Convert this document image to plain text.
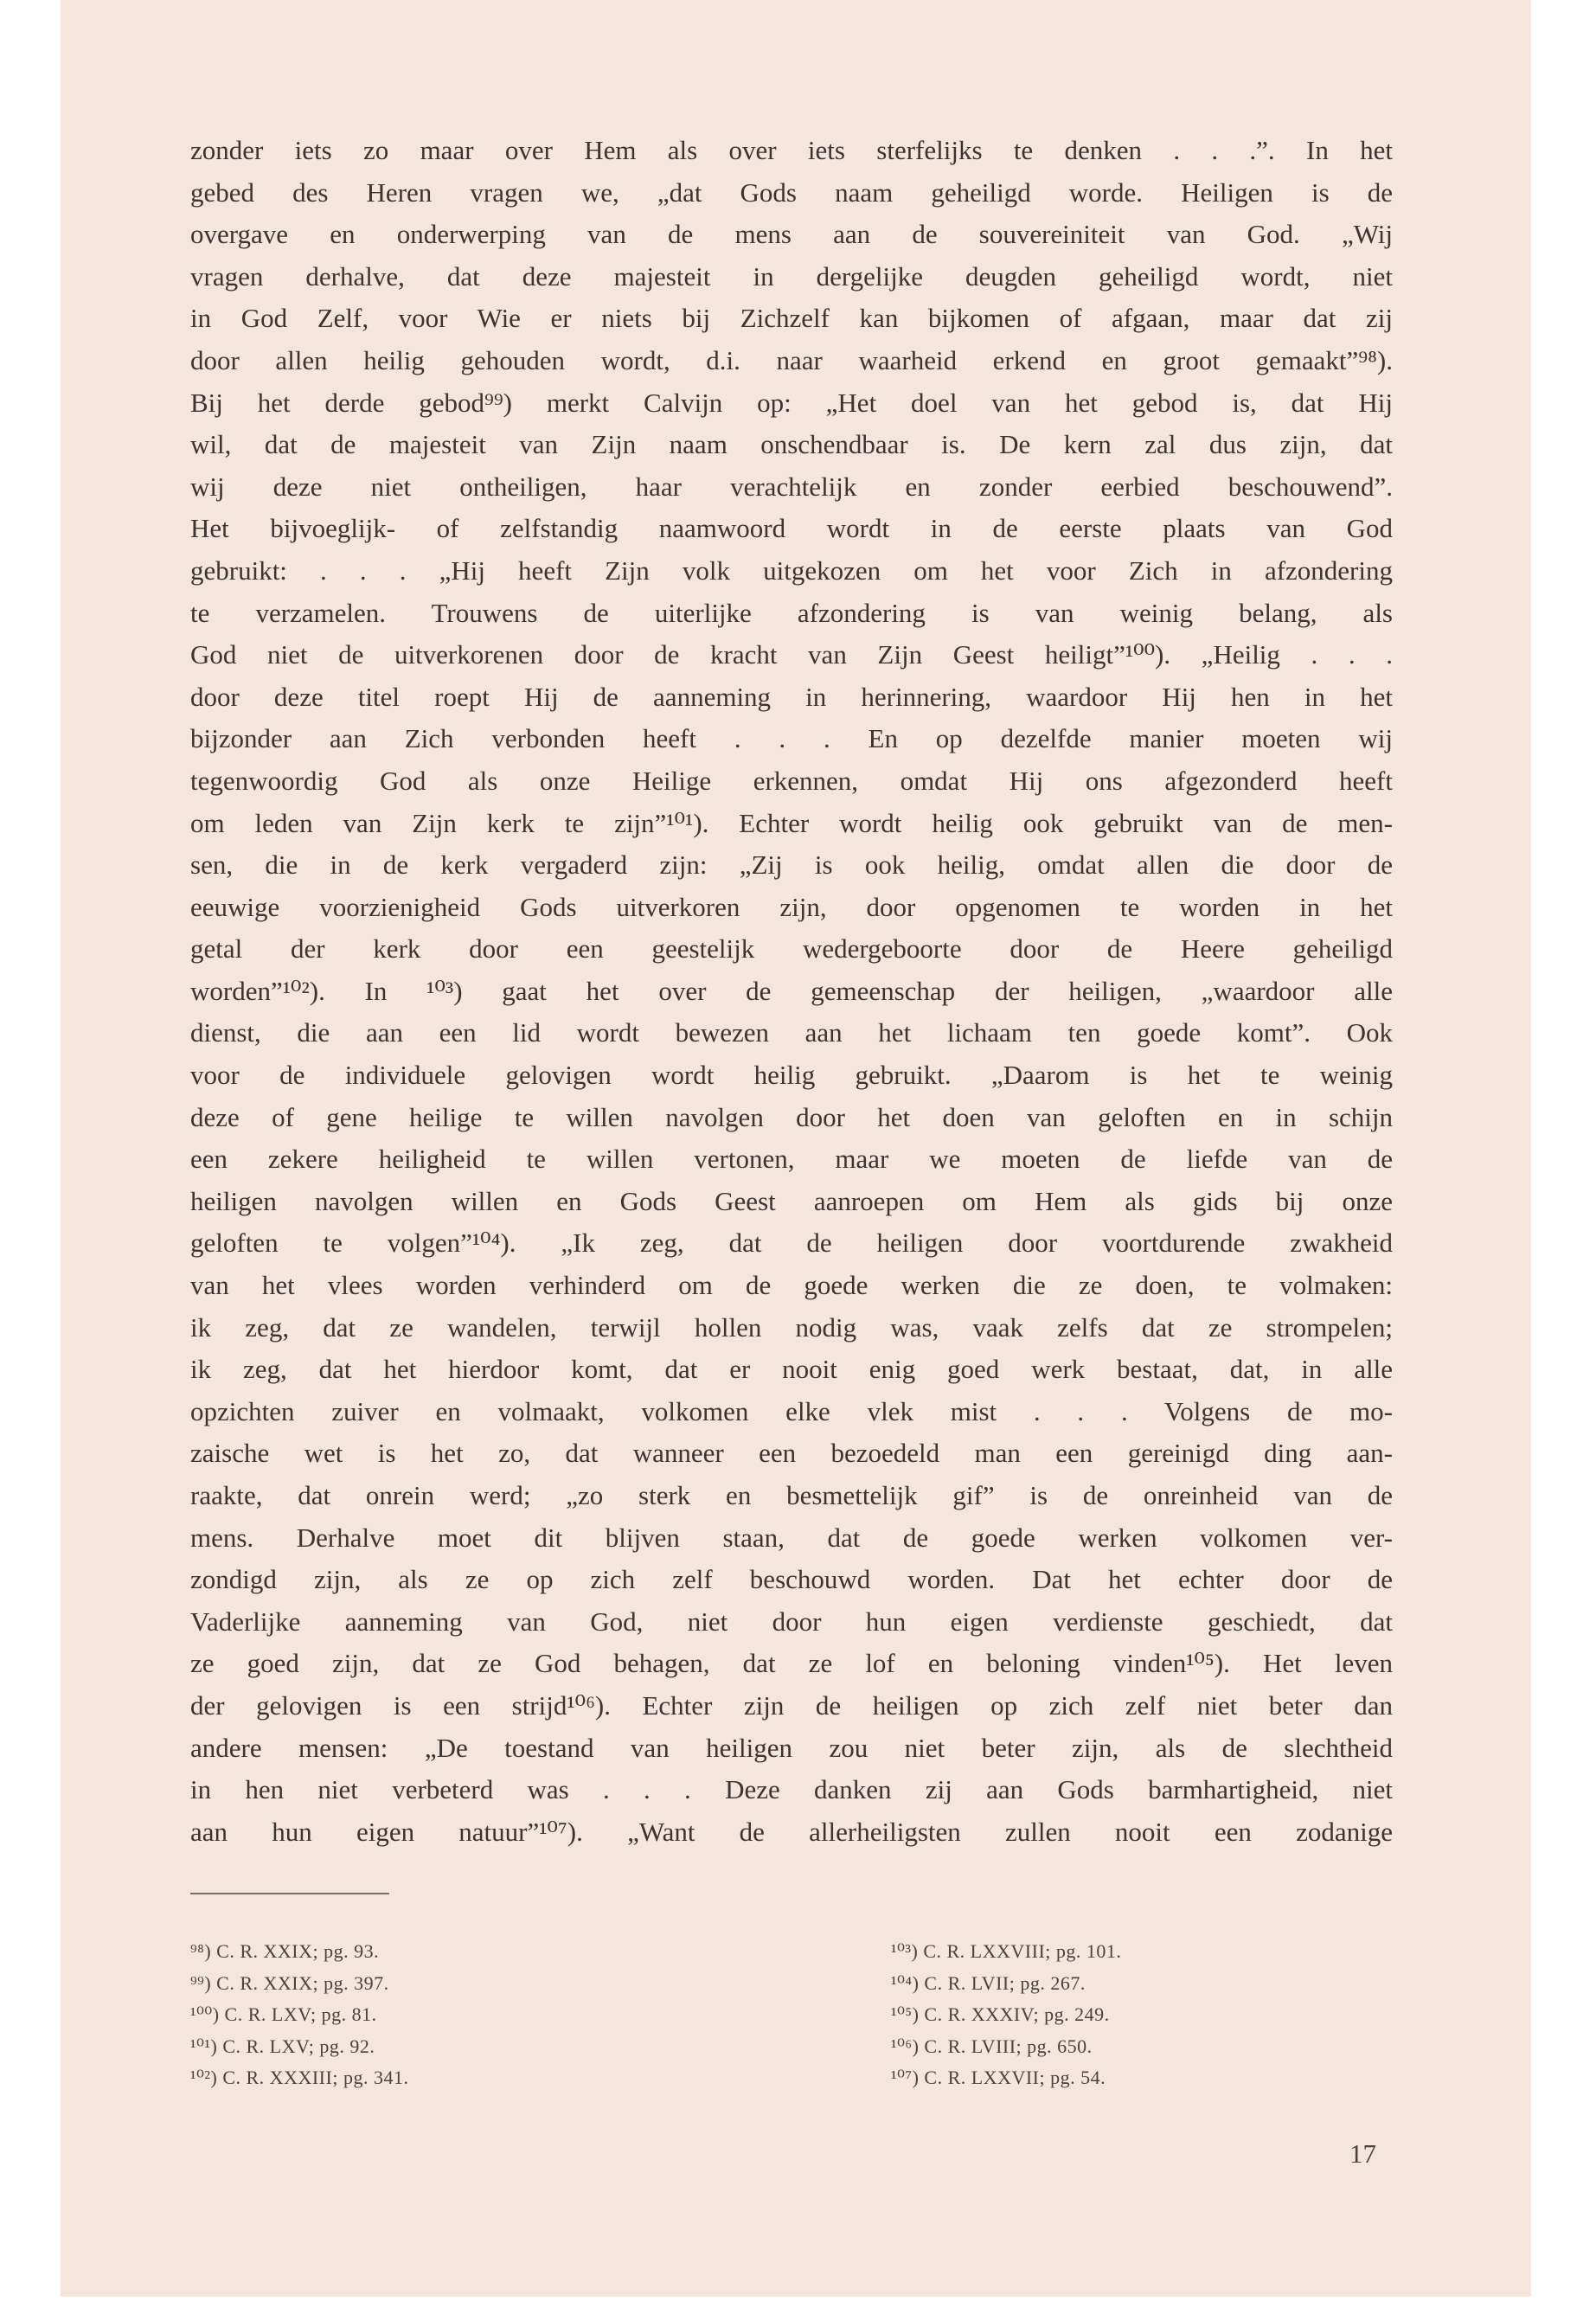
zonder iets zo maar over Hem als over iets sterfelijks te denken . . .”. In het
gebed des Heren vragen we, „dat Gods naam geheiligd worde. Heiligen is de
overgave en onderwerping van de mens aan de souvereiniteit van God. „Wij
vragen derhalve, dat deze majesteit in dergelijke deugden geheiligd wordt, niet
in God Zelf, voor Wie er niets bij Zichzelf kan bijkomen of afgaan, maar dat zij
door allen heilig gehouden wordt, d.i. naar waarheid erkend en groot gemaakt”⁹⁸).
Bij het derde gebod⁹⁹) merkt Calvijn op: „Het doel van het gebod is, dat Hij
wil, dat de majesteit van Zijn naam onschendbaar is. De kern zal dus zijn, dat
wij deze niet ontheiligen, haar verachtelijk en zonder eerbied beschouwend”.
Het bijvoeglijk- of zelfstandig naamwoord wordt in de eerste plaats van God
gebruikt: . . . „Hij heeft Zijn volk uitgekozen om het voor Zich in afzondering
te verzamelen. Trouwens de uiterlijke afzondering is van weinig belang, als
God niet de uitverkorenen door de kracht van Zijn Geest heiligt”¹⁰⁰). „Heilig . . .
door deze titel roept Hij de aanneming in herinnering, waardoor Hij hen in het
bijzonder aan Zich verbonden heeft . . . En op dezelfde manier moeten wij
tegenwoordig God als onze Heilige erkennen, omdat Hij ons afgezonderd heeft
om leden van Zijn kerk te zijn”¹⁰¹). Echter wordt heilig ook gebruikt van de men-
sen, die in de kerk vergaderd zijn: „Zij is ook heilig, omdat allen die door de
eeuwige voorzienigheid Gods uitverkoren zijn, door opgenomen te worden in het
getal der kerk door een geestelijk wedergeboorte door de Heere geheiligd
worden”¹⁰²). In ¹⁰³) gaat het over de gemeenschap der heiligen, „waardoor alle
dienst, die aan een lid wordt bewezen aan het lichaam ten goede komt”. Ook
voor de individuele gelovigen wordt heilig gebruikt. „Daarom is het te weinig
deze of gene heilige te willen navolgen door het doen van geloften en in schijn
een zekere heiligheid te willen vertonen, maar we moeten de liefde van de
heiligen navolgen willen en Gods Geest aanroepen om Hem als gids bij onze
geloften te volgen”¹⁰⁴). „Ik zeg, dat de heiligen door voortdurende zwakheid
van het vlees worden verhinderd om de goede werken die ze doen, te volmaken:
ik zeg, dat ze wandelen, terwijl hollen nodig was, vaak zelfs dat ze strompelen;
ik zeg, dat het hierdoor komt, dat er nooit enig goed werk bestaat, dat, in alle
opzichten zuiver en volmaakt, volkomen elke vlek mist . . . Volgens de mo-
zaische wet is het zo, dat wanneer een bezoedeld man een gereinigd ding aan-
raakte, dat onrein werd; „zo sterk en besmettelijk gif” is de onreinheid van de
mens. Derhalve moet dit blijven staan, dat de goede werken volkomen ver-
zondigd zijn, als ze op zich zelf beschouwd worden. Dat het echter door de
Vaderlijke aanneming van God, niet door hun eigen verdienste geschiedt, dat
ze goed zijn, dat ze God behagen, dat ze lof en beloning vinden¹⁰⁵). Het leven
der gelovigen is een strijd¹⁰⁶). Echter zijn de heiligen op zich zelf niet beter dan
andere mensen: „De toestand van heiligen zou niet beter zijn, als de slechtheid
in hen niet verbeterd was . . . Deze danken zij aan Gods barmhartigheid, niet
aan hun eigen natuur”¹⁰⁷). „Want de allerheiligsten zullen nooit een zodanige
⁹⁸) C. R. XXIX; pg. 93.
⁹⁹) C. R. XXIX; pg. 397.
¹⁰⁰) C. R. LXV; pg. 81.
¹⁰¹) C. R. LXV; pg. 92.
¹⁰²) C. R. XXXIII; pg. 341.
¹⁰³) C. R. LXXVIII; pg. 101.
¹⁰⁴) C. R. LVII; pg. 267.
¹⁰⁵) C. R. XXXIV; pg. 249.
¹⁰⁶) C. R. LVIII; pg. 650.
¹⁰⁷) C. R. LXXVII; pg. 54.
17
